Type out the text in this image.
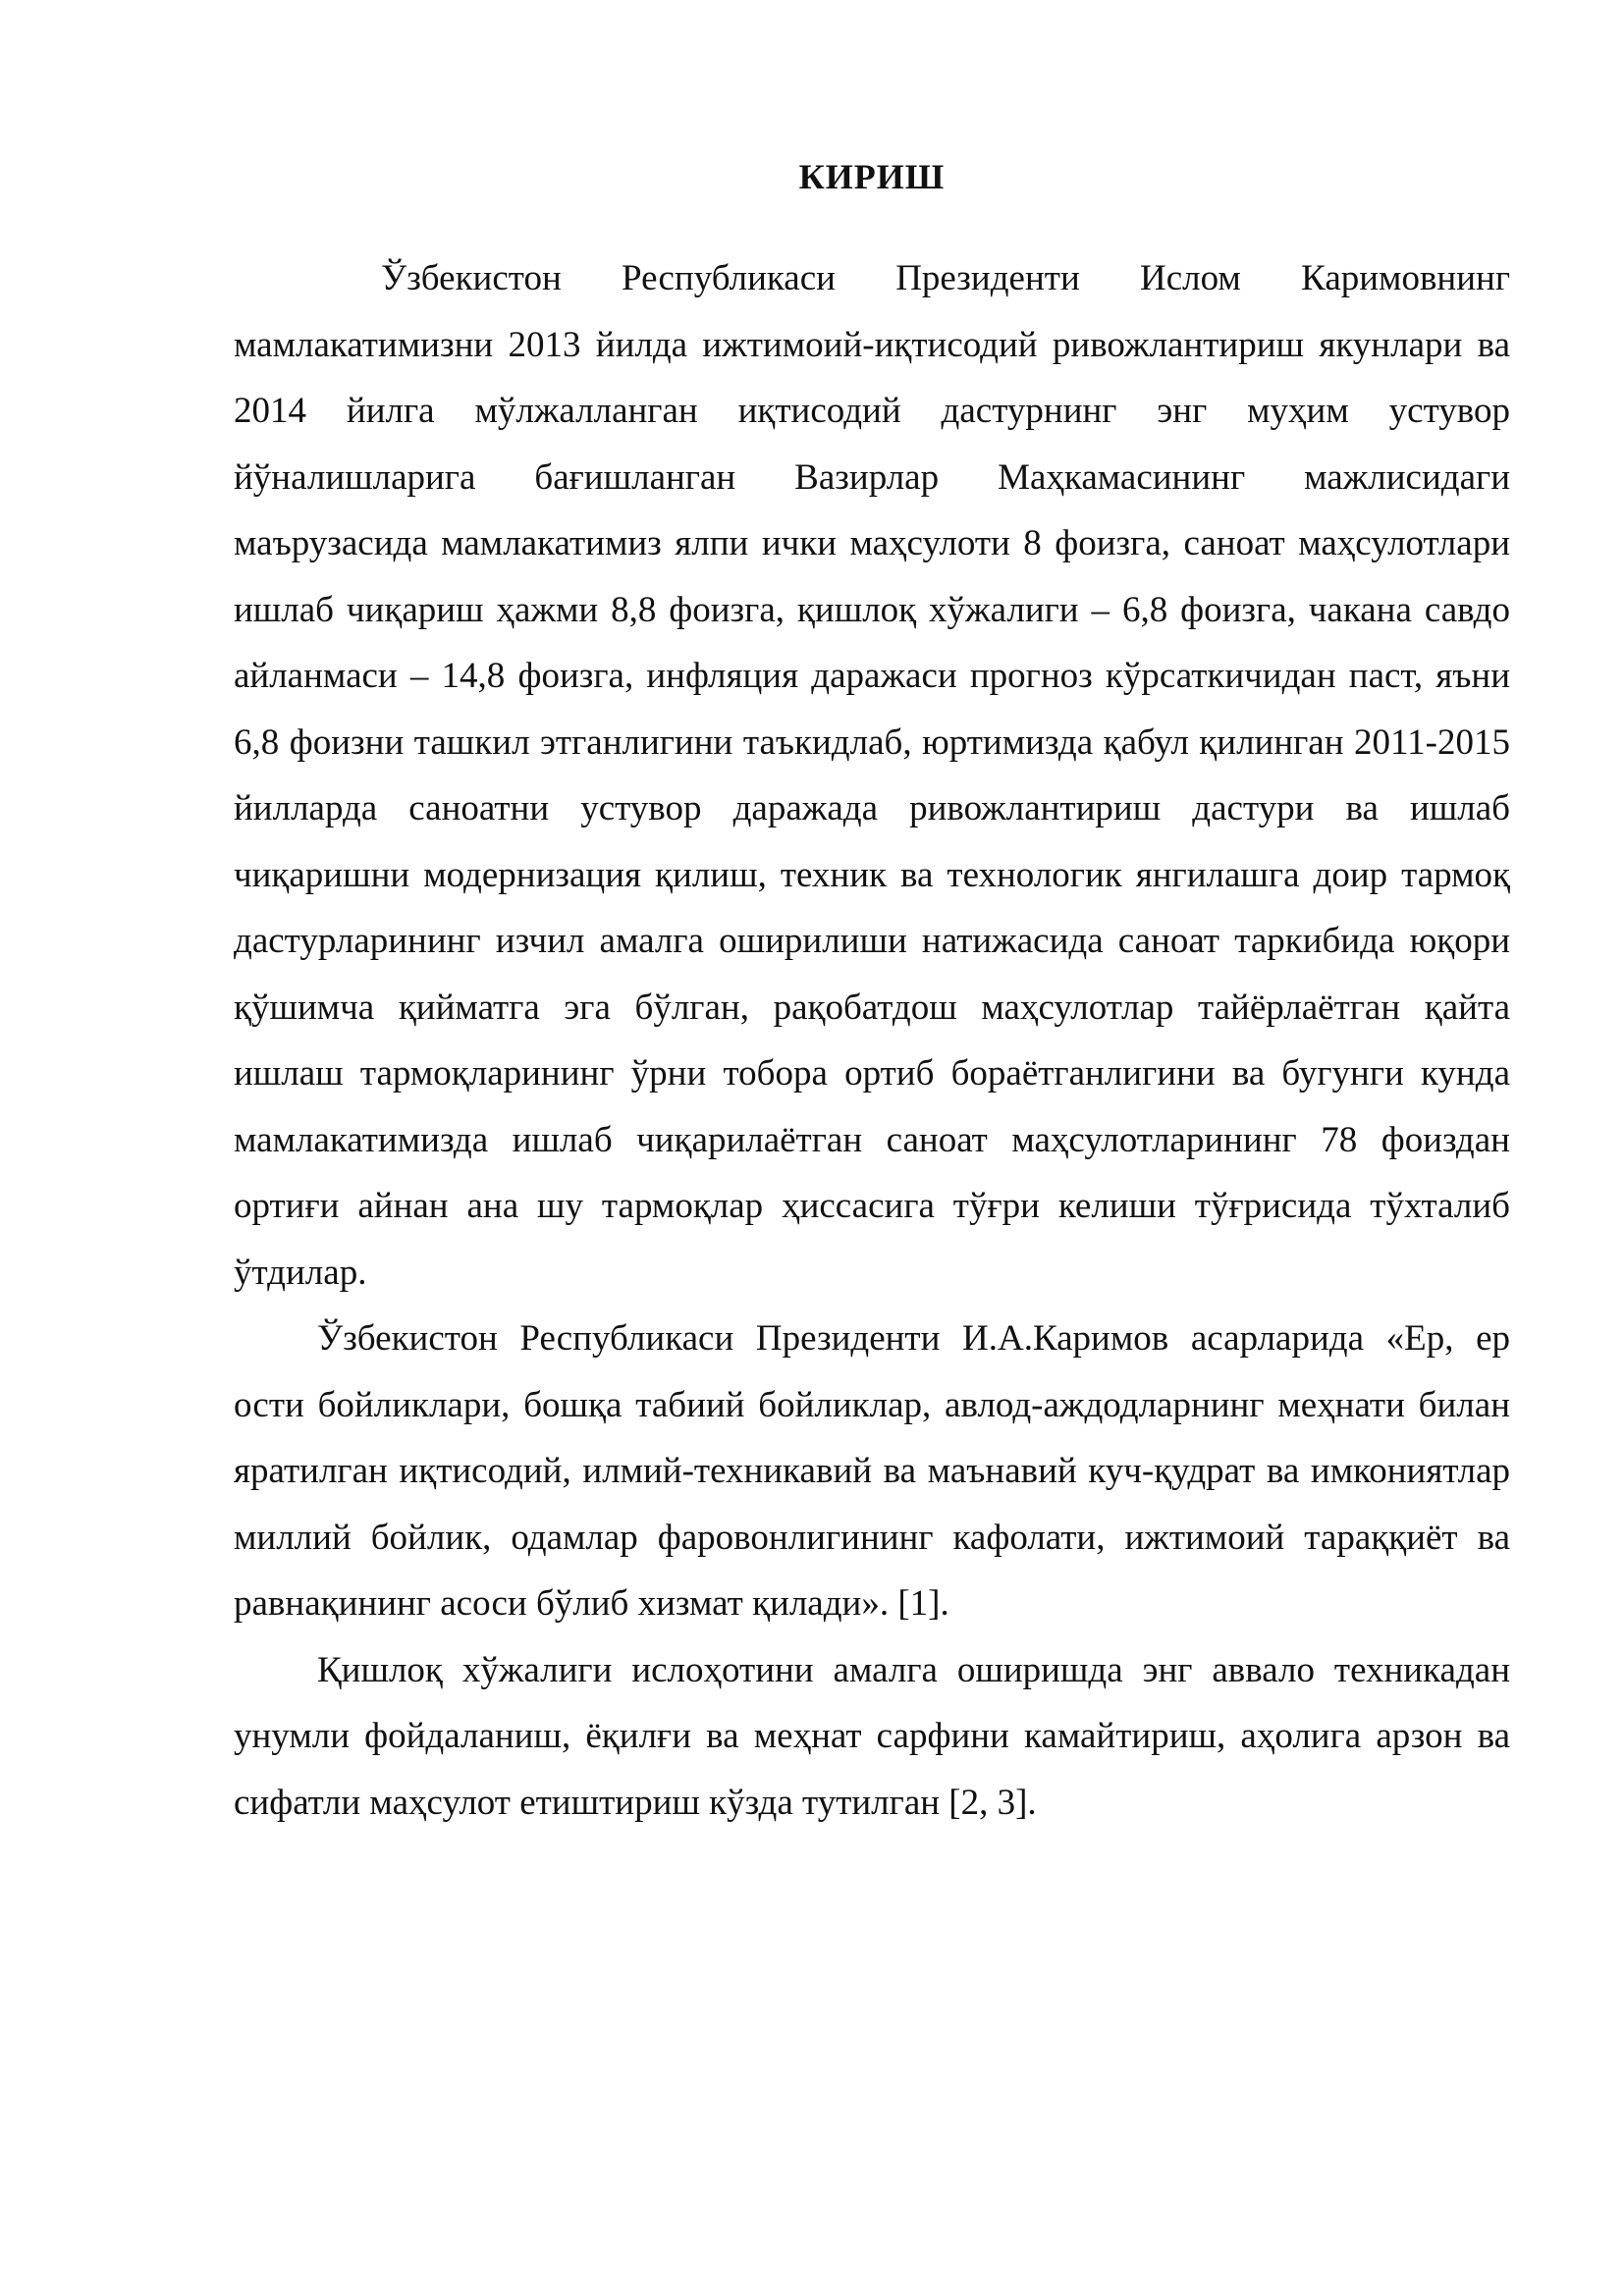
КИРИШ

Ўзбекистон Республикаси Президенти Ислом Каримовнинг мамлакатимизни 2013 йилда ижтимоий-иқтисодий ривожлантириш якунлари ва 2014 йилга мўлжалланган иқтисодий дастурнинг энг муҳим устувор йўналишларига бағишланган Вазирлар Маҳкамасининг мажлисидаги маърузасида мамлакатимиз ялпи ички маҳсулоти 8 фоизга, саноат маҳсулотлари ишлаб чиқариш ҳажми 8,8 фоизга, қишлоқ хўжалиги – 6,8 фоизга, чакана савдо айланмаси – 14,8 фоизга, инфляция даражаси прогноз кўрсаткичидан паст, яъни 6,8 фоизни ташкил этганлигини таъкидлаб, юртимизда қабул қилинган 2011-2015 йилларда саноатни устувор даражада ривожлантириш дастури ва ишлаб чиқаришни модернизация қилиш, техник ва технологик янгилашга доир тармоқ дастурларининг изчил амалга оширилиши натижасида саноат таркибида юқори қўшимча қийматга эга бўлган, рақобатдош маҳсулотлар тайёрлаётган қайта ишлаш тармоқларининг ўрни тобора ортиб бораётганлигини ва бугунги кунда мамлакатимизда ишлаб чиқарилаётган саноат маҳсулотларининг 78 фоиздан ортиғи айнан ана шу тармоқлар ҳиссасига тўғри келиши тўғрисида тўхталиб ўтдилар.

Ўзбекистон Республикаси Президенти И.А.Каримов асарларида «Ер, ер ости бойликлари, бошқа табиий бойликлар, авлод-аждодларнинг меҳнати билан яратилган иқтисодий, илмий-техникавий ва маънавий куч-қудрат ва имкониятлар миллий бойлик, одамлар фаровонлигининг кафолати, ижтимоий тараққиёт ва равнақининг асоси бўлиб хизмат қилади». [1].

Қишлоқ хўжалиги ислоҳотини амалга оширишда энг аввало техникадан унумли фойдаланиш, ёқилғи ва меҳнат сарфини камайтириш, аҳолига арзон ва сифатли маҳсулот етиштириш кўзда тутилган [2, 3].
